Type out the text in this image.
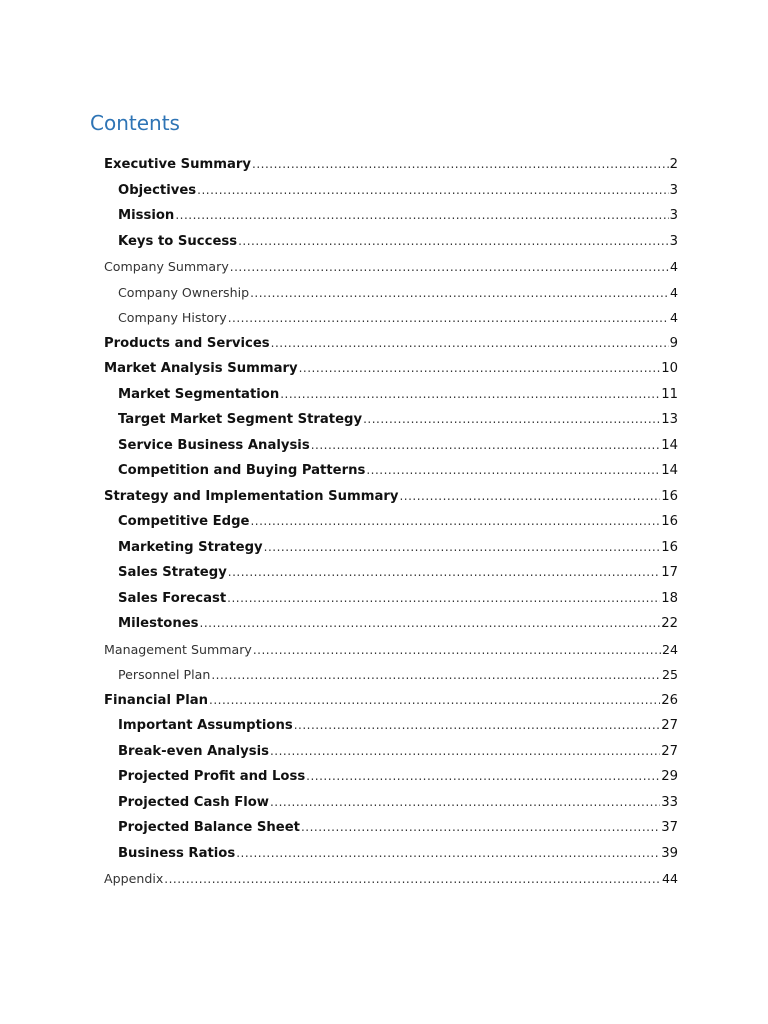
Contents
Executive Summary .....	2
Objectives .....	3
Mission .....	3
Keys to Success .....	3
Company Summary .....	4
Company Ownership .....	4
Company History .....	4
Products and Services .....	9
Market Analysis Summary .....	10
Market Segmentation .....	11
Target Market Segment Strategy .....	13
Service Business Analysis .....	14
Competition and Buying Patterns .....	14
Strategy and Implementation Summary .....	16
Competitive Edge .....	16
Marketing Strategy .....	16
Sales Strategy .....	17
Sales Forecast .....	18
Milestones .....	22
Management Summary .....	24
Personnel Plan .....	25
Financial Plan .....	26
Important Assumptions .....	27
Break-even Analysis .....	27
Projected Profit and Loss .....	29
Projected Cash Flow .....	33
Projected Balance Sheet .....	37
Business Ratios .....	39
Appendix .....	44
